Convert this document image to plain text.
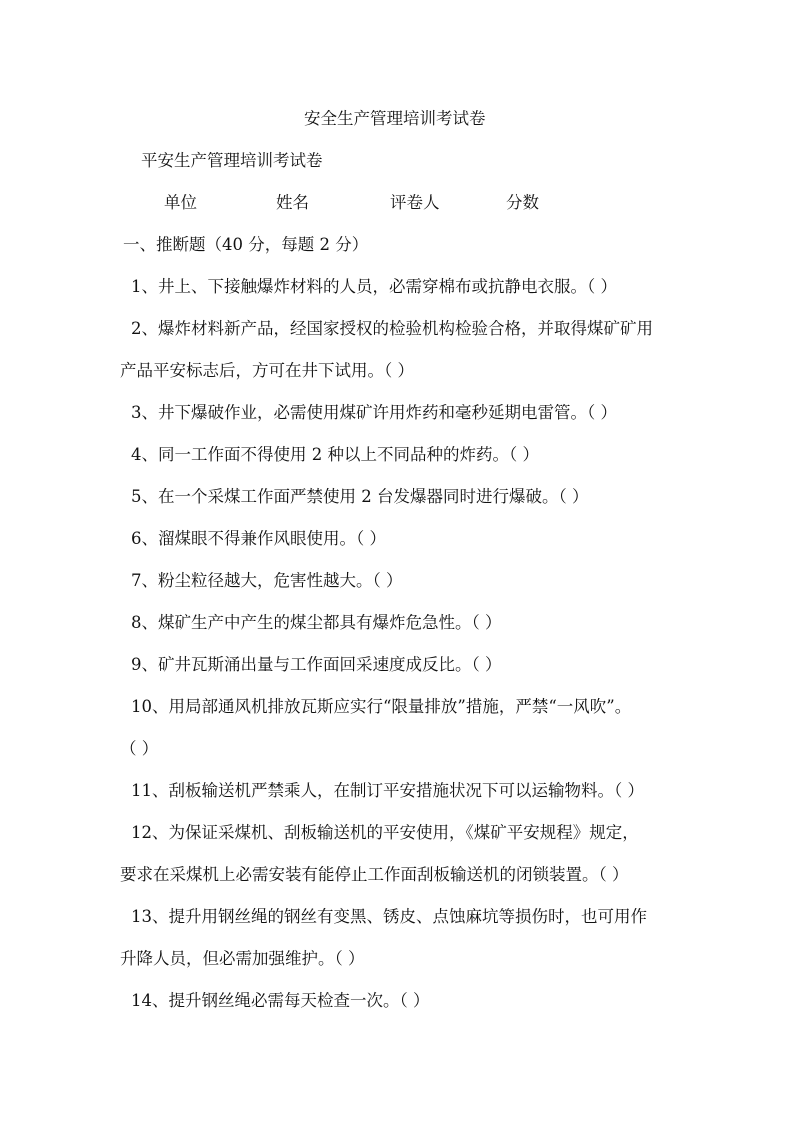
安全生产管理培训考试卷
平安生产管理培训考试卷
单位	姓名	评卷人	分数
一、推断题（40 分，每题 2 分）
1、井上、下接触爆炸材料的人员，必需穿棉布或抗静电衣服。（ ）
2、爆炸材料新产品，经国家授权的检验机构检验合格，并取得煤矿矿用
产品平安标志后，方可在井下试用。（ ）
3、井下爆破作业，必需使用煤矿许用炸药和毫秒延期电雷管。（ ）
4、同一工作面不得使用 2 种以上不同品种的炸药。（ ）
5、在一个采煤工作面严禁使用 2 台发爆器同时进行爆破。（ ）
6、溜煤眼不得兼作风眼使用。（ ）
7、粉尘粒径越大，危害性越大。（ ）
8、煤矿生产中产生的煤尘都具有爆炸危急性。（ ）
9、矿井瓦斯涌出量与工作面回采速度成反比。（ ）
10、用局部通风机排放瓦斯应实行“限量排放”措施，严禁“一风吹”。
（ ）
11、刮板输送机严禁乘人，在制订平安措施状况下可以运输物料。（ ）
12、为保证采煤机、刮板输送机的平安使用，《煤矿平安规程》规定，
要求在采煤机上必需安装有能停止工作面刮板输送机的闭锁装置。（ ）
13、提升用钢丝绳的钢丝有变黑、锈皮、点蚀麻坑等损伤时，也可用作
升降人员，但必需加强维护。（ ）
14、提升钢丝绳必需每天检查一次。（ ）
